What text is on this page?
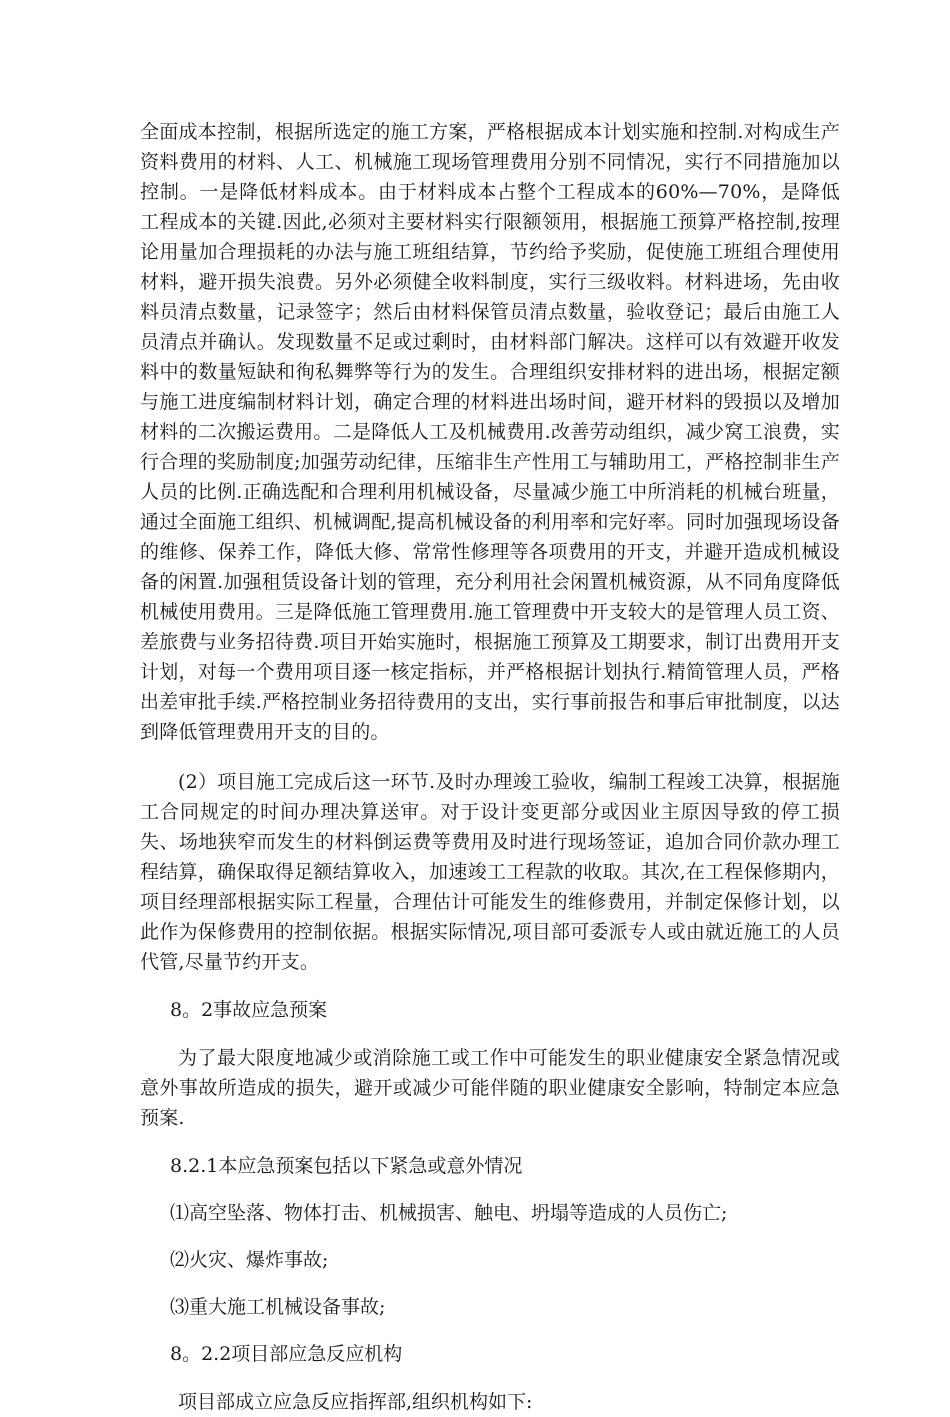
全面成本控制，根据所选定的施工方案，严格根据成本计划实施和控制.对构成生产资料费用的材料、人工、机械施工现场管理费用分别不同情况，实行不同措施加以控制。一是降低材料成本。由于材料成本占整个工程成本的60%—70%，是降低工程成本的关键.因此,必须对主要材料实行限额领用，根据施工预算严格控制,按理论用量加合理损耗的办法与施工班组结算，节约给予奖励，促使施工班组合理使用材料，避开损失浪费。另外必须健全收料制度，实行三级收料。材料进场，先由收料员清点数量，记录签字；然后由材料保管员清点数量，验收登记；最后由施工人员清点并确认。发现数量不足或过剩时，由材料部门解决。这样可以有效避开收发料中的数量短缺和徇私舞弊等行为的发生。合理组织安排材料的进出场，根据定额与施工进度编制材料计划，确定合理的材料进出场时间，避开材料的毁损以及增加材料的二次搬运费用。二是降低人工及机械费用.改善劳动组织，减少窝工浪费，实行合理的奖励制度;加强劳动纪律，压缩非生产性用工与辅助用工，严格控制非生产人员的比例.正确选配和合理利用机械设备，尽量减少施工中所消耗的机械台班量，通过全面施工组织、机械调配,提高机械设备的利用率和完好率。同时加强现场设备的维修、保养工作，降低大修、常常性修理等各项费用的开支，并避开造成机械设备的闲置.加强租赁设备计划的管理，充分利用社会闲置机械资源，从不同角度降低机械使用费用。三是降低施工管理费用.施工管理费中开支较大的是管理人员工资、差旅费与业务招待费.项目开始实施时，根据施工预算及工期要求，制订出费用开支计划，对每一个费用项目逐一核定指标，并严格根据计划执行.精简管理人员，严格出差审批手续.严格控制业务招待费用的支出，实行事前报告和事后审批制度，以达到降低管理费用开支的目的。

(2）项目施工完成后这一环节.及时办理竣工验收，编制工程竣工决算，根据施工合同规定的时间办理决算送审。对于设计变更部分或因业主原因导致的停工损失、场地狭窄而发生的材料倒运费等费用及时进行现场签证，追加合同价款办理工程结算，确保取得足额结算收入，加速竣工工程款的收取。其次,在工程保修期内，项目经理部根据实际工程量，合理估计可能发生的维修费用，并制定保修计划，以此作为保修费用的控制依据。根据实际情况,项目部可委派专人或由就近施工的人员代管,尽量节约开支。

8。2事故应急预案

为了最大限度地减少或消除施工或工作中可能发生的职业健康安全紧急情况或意外事故所造成的损失，避开或减少可能伴随的职业健康安全影响，特制定本应急预案.

8.2.1本应急预案包括以下紧急或意外情况

⑴高空坠落、物体打击、机械损害、触电、坍塌等造成的人员伤亡;

⑵火灾、爆炸事故;

⑶重大施工机械设备事故;

8。2.2项目部应急反应机构

项目部成立应急反应指挥部,组织机构如下:
